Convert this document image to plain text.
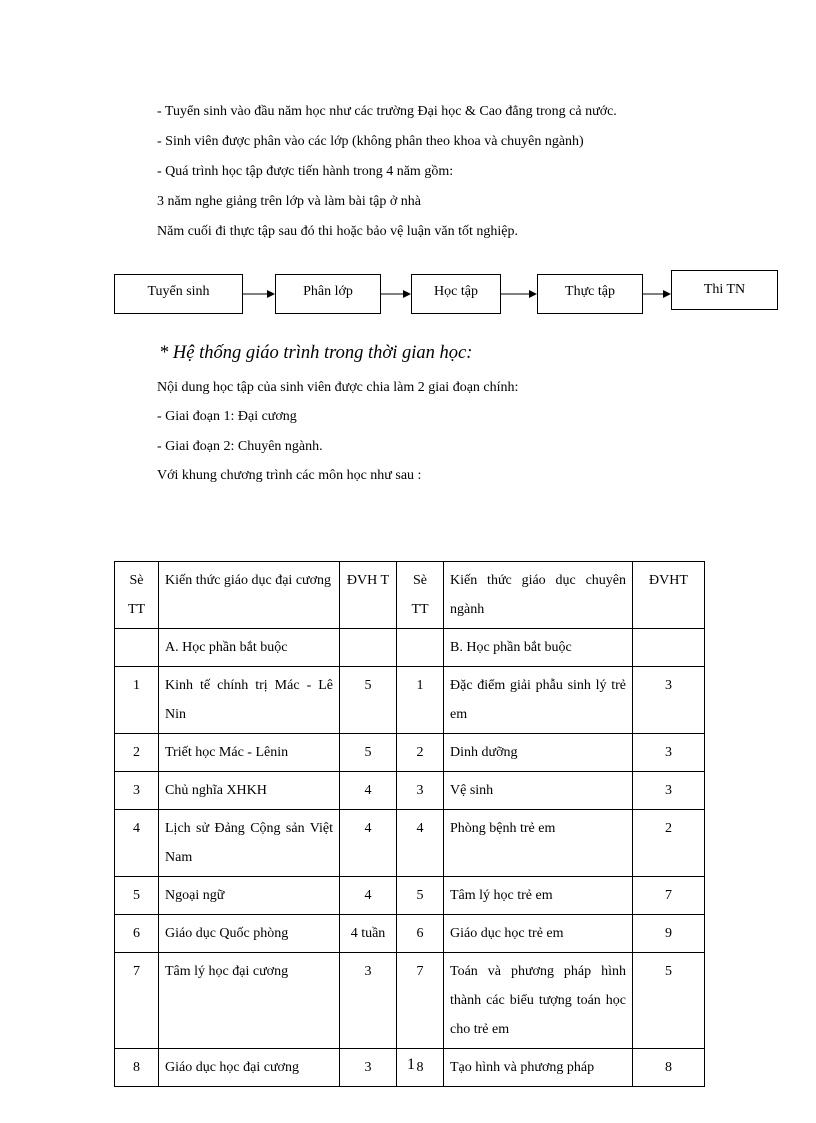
- Tuyển sinh vào đầu năm học như các trường Đại học & Cao đẳng trong cả nước.
- Sinh viên được phân vào các lớp (không phân theo khoa và chuyên ngành)
- Quá trình học tập được tiến hành trong 4 năm gồm:
3 năm nghe giảng trên lớp và làm bài tập ở nhà
Năm cuối đi thực tập sau đó thi hoặc bảo vệ luận văn tốt nghiệp.
Tuyển sinh	Phân lớp	Học tập	Thực tập	Thi TN
* Hệ thống giáo trình trong thời gian học:
Nội dung học tập của sinh viên được chia làm 2 giai đoạn chính:
- Giai đoạn 1: Đại cương
- Giai đoạn 2: Chuyên ngành.
Với khung chương trình các môn học như sau :
Sè TT	Kiến thức giáo dục đại cương	ĐVH T	Sè TT	Kiến thức giáo dục chuyên ngành	ĐVHT
	A. Học phần bắt buộc			B. Học phần bắt buộc	
1	Kinh tế chính trị Mác - Lê Nin	5	1	Đặc điểm giải phẫu sinh lý trẻ em	3
2	Triết học Mác - Lênin	5	2	Dinh dưỡng	3
3	Chủ nghĩa XHKH	4	3	Vệ sinh	3
4	Lịch sử Đảng Cộng sản Việt Nam	4	4	Phòng bệnh trẻ em	2
5	Ngoại ngữ	4	5	Tâm lý học trẻ em	7
6	Giáo dục Quốc phòng	4 tuần	6	Giáo dục học trẻ em	9
7	Tâm lý học đại cương	3	7	Toán và phương pháp hình thành các biểu tượng toán học cho trẻ em	5
8	Giáo dục học đại cương	3	8	Tạo hình và phương pháp	8
1
